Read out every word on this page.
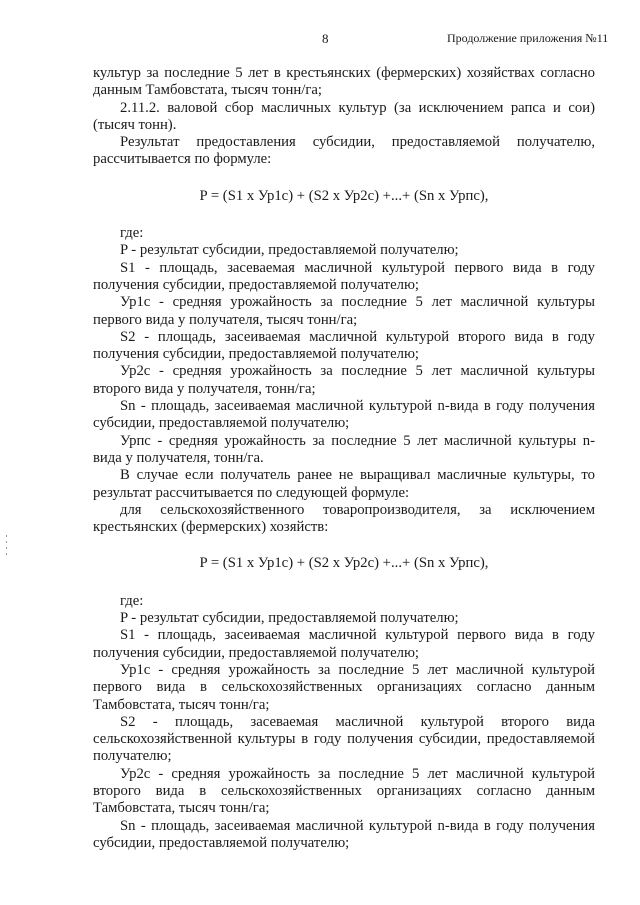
8	Продолжение приложения №11

культур за последние 5 лет в крестьянских (фермерских) хозяйствах согласно данным Тамбовстата, тысяч тонн/га;

2.11.2. валовой сбор масличных культур (за исключением рапса и сои) (тысяч тонн).

Результат предоставления субсидии, предоставляемой получателю, рассчитывается по формуле:

P = (S1 x Ур1с) + (S2 x Ур2с) +...+ (Sn x Урпс),

где:

P - результат субсидии, предоставляемой получателю;

S1 - площадь, засеваемая масличной культурой первого вида в году получения субсидии, предоставляемой получателю;

Ур1с - средняя урожайность за последние 5 лет масличной культуры первого вида у получателя, тысяч тонн/га;

S2 - площадь, засеиваемая масличной культурой второго вида в году получения субсидии, предоставляемой получателю;

Ур2с - средняя урожайность за последние 5 лет масличной культуры второго вида у получателя, тонн/га;

Sn - площадь, засеиваемая масличной культурой n-вида в году получения субсидии, предоставляемой получателю;

Урпс - средняя урожайность за последние 5 лет масличной культуры n-вида у получателя, тонн/га.

В случае если получатель ранее не выращивал масличные культуры, то результат рассчитывается по следующей формуле:

для сельскохозяйственного товаропроизводителя, за исключением крестьянских (фермерских) хозяйств:

P = (S1 x Ур1с) + (S2 x Ур2с) +...+ (Sn x Урпс),

где:

P - результат субсидии, предоставляемой получателю;

S1 - площадь, засеиваемая масличной культурой первого вида в году получения субсидии, предоставляемой получателю;

Ур1с - средняя урожайность за последние 5 лет масличной культурой первого вида в сельскохозяйственных организациях согласно данным Тамбовстата, тысяч тонн/га;

S2 - площадь, засеваемая масличной культурой второго вида сельскохозяйственной культуры в году получения субсидии, предоставляемой получателю;

Ур2с - средняя урожайность за последние 5 лет масличной культурой второго вида в сельскохозяйственных организациях согласно данным Тамбовстата, тысяч тонн/га;

Sn - площадь, засеиваемая масличной культурой n-вида в году получения субсидии, предоставляемой получателю;
